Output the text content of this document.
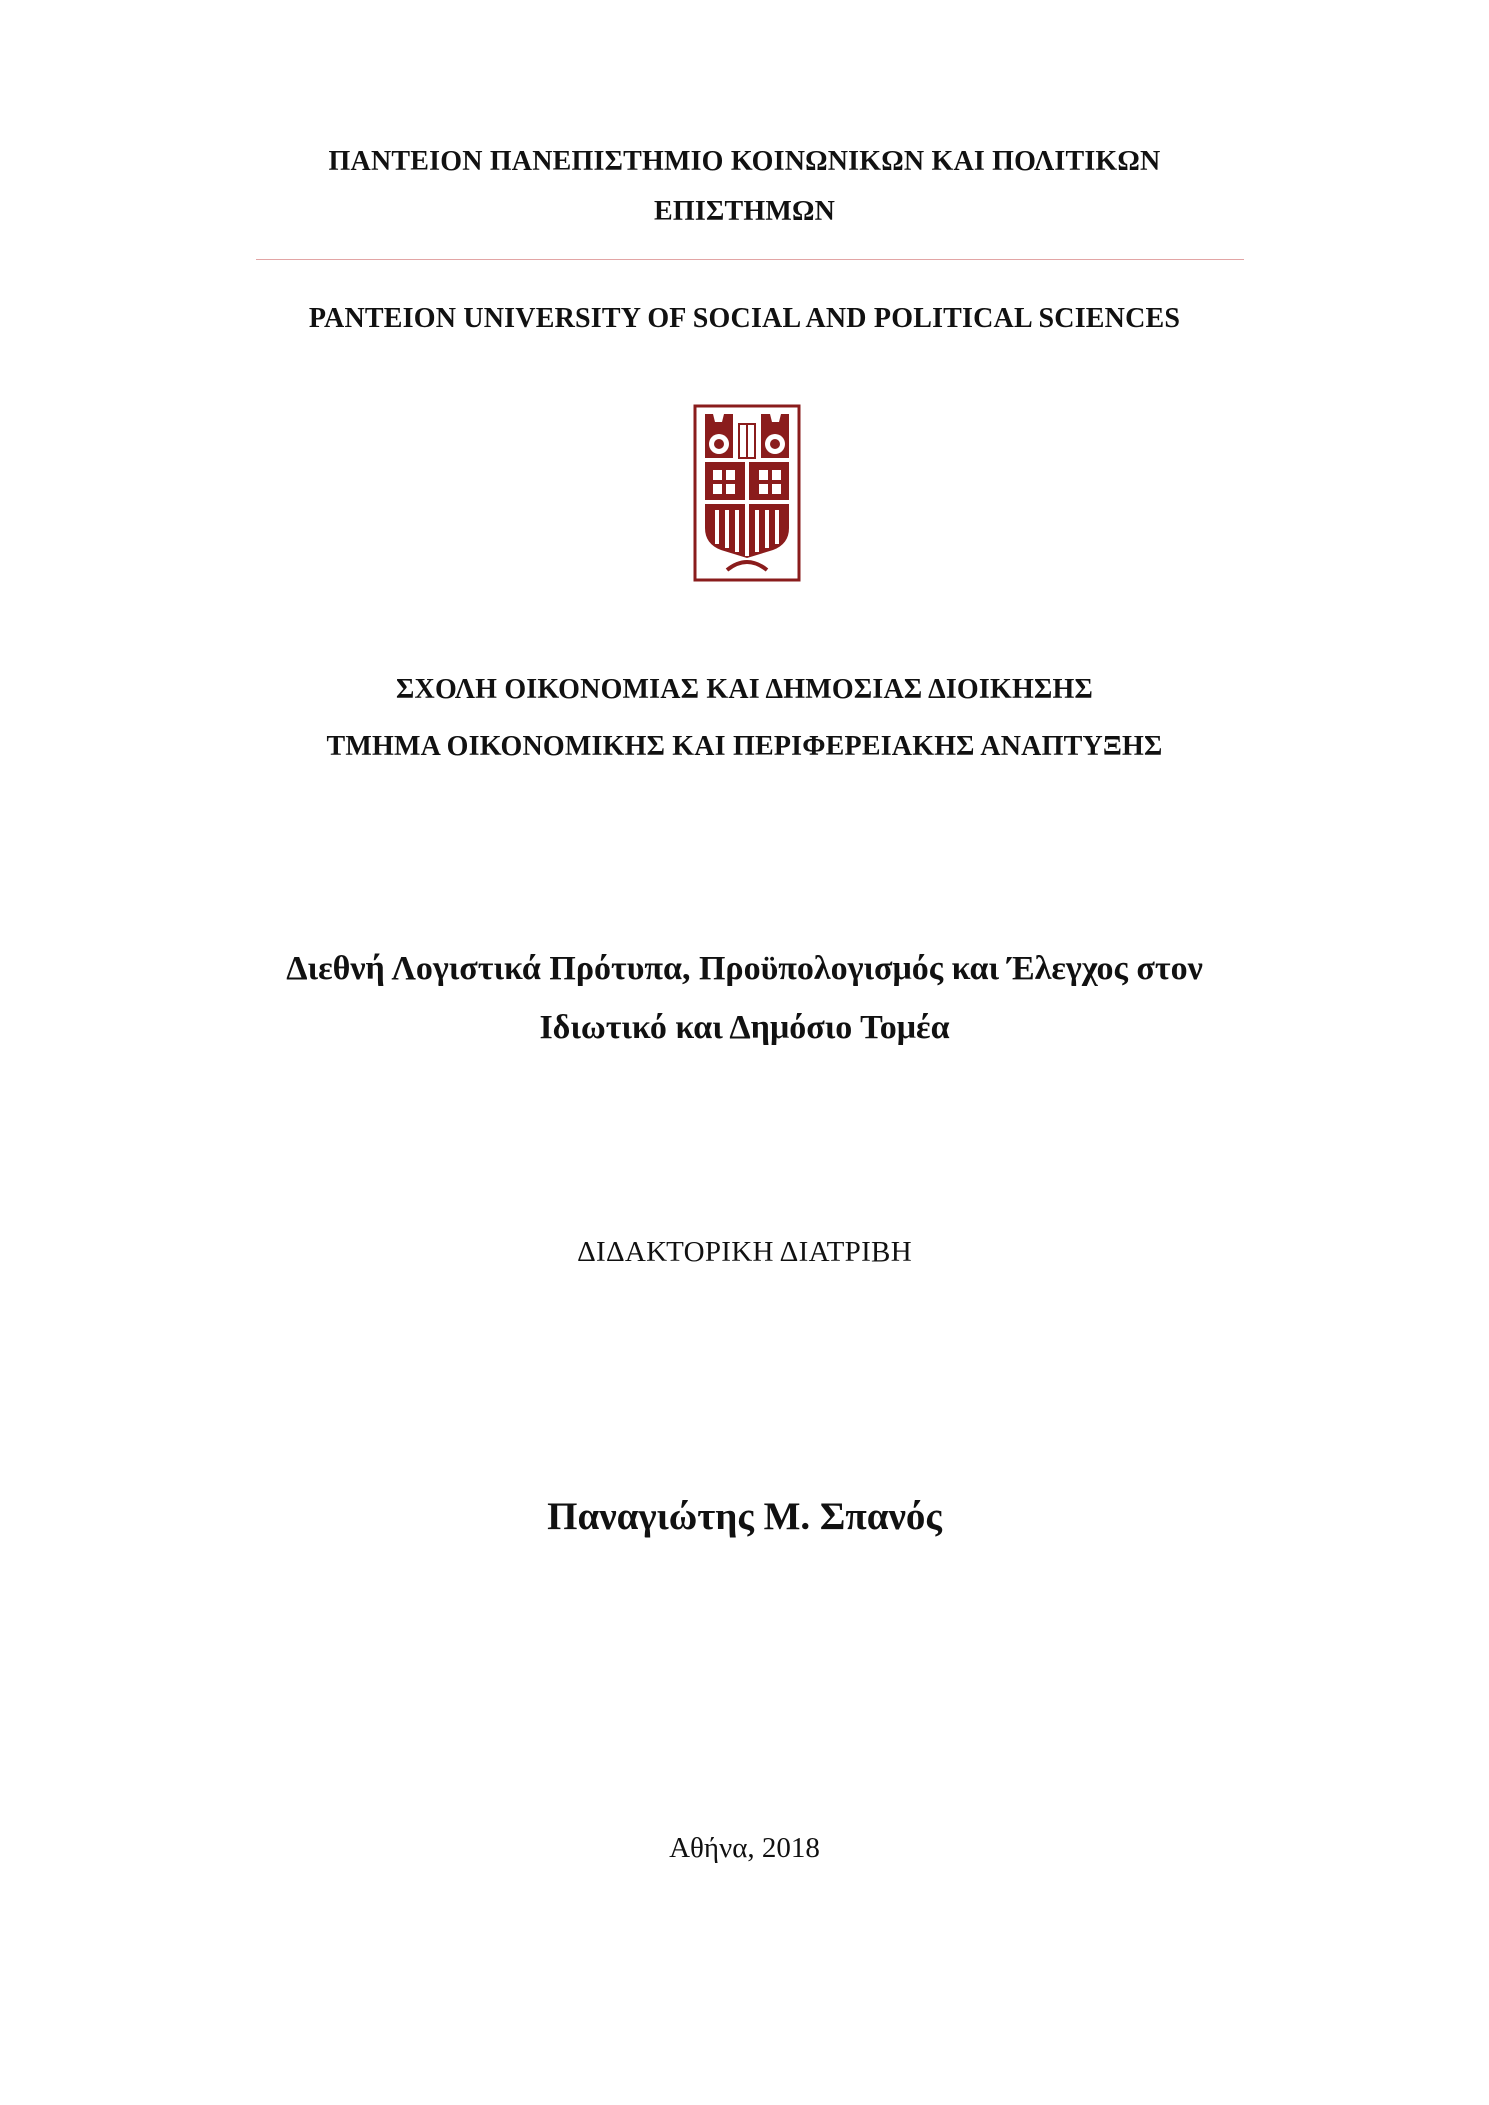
ΠΑΝΤΕΙΟΝ ΠΑΝΕΠΙΣΤΗΜΙΟ ΚΟΙΝΩΝΙΚΩΝ ΚΑΙ ΠΟΛΙΤΙΚΩΝ
ΕΠΙΣΤΗΜΩΝ
PANTEION UNIVERSITY OF SOCIAL AND POLITICAL SCIENCES
ΣΧΟΛΗ ΟΙΚΟΝΟΜΙΑΣ ΚΑΙ ΔΗΜΟΣΙΑΣ ΔΙΟΙΚΗΣΗΣ
ΤΜΗΜΑ ΟΙΚΟΝΟΜΙΚΗΣ ΚΑΙ ΠΕΡΙΦΕΡΕΙΑΚΗΣ ΑΝΑΠΤΥΞΗΣ
Διεθνή Λογιστικά Πρότυπα, Προϋπολογισμός και Έλεγχος στον
Ιδιωτικό και Δημόσιο Τομέα
ΔΙΔΑΚΤΟΡΙΚΗ ΔΙΑΤΡΙΒΗ
Παναγιώτης Μ. Σπανός
Αθήνα, 2018
